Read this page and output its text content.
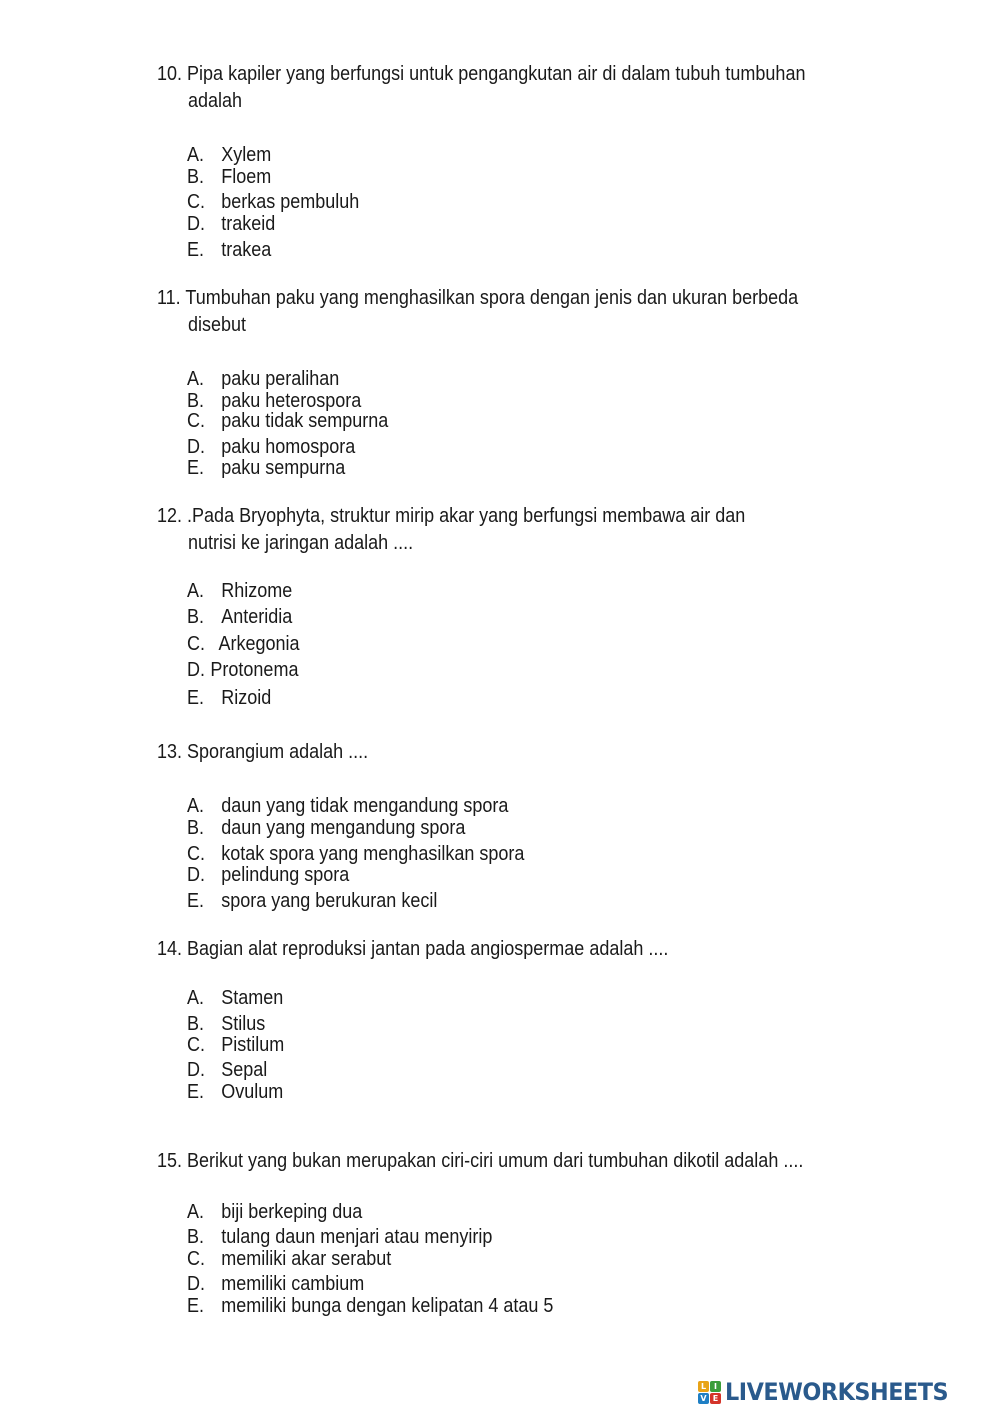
10. Pipa kapiler yang berfungsi untuk pengangkutan air di dalam tubuh tumbuhan
adalah
A. Xylem
B. Floem
C. berkas pembuluh
D. trakeid
E. trakea
11. Tumbuhan paku yang menghasilkan spora dengan jenis dan ukuran berbeda
disebut
A. paku peralihan
B. paku heterospora
C. paku tidak sempurna
D. paku homospora
E. paku sempurna
12. .Pada Bryophyta, struktur mirip akar yang berfungsi membawa air dan
nutrisi ke jaringan adalah ....
A. Rhizome
B. Anteridia
C. Arkegonia
D. Protonema
E. Rizoid
13. Sporangium adalah ....
A. daun yang tidak mengandung spora
B. daun yang mengandung spora
C. kotak spora yang menghasilkan spora
D. pelindung spora
E. spora yang berukuran kecil
14. Bagian alat reproduksi jantan pada angiospermae adalah ....
A. Stamen
B. Stilus
C. Pistilum
D. Sepal
E. Ovulum
15. Berikut yang bukan merupakan ciri-ciri umum dari tumbuhan dikotil adalah ....
A. biji berkeping dua
B. tulang daun menjari atau menyirip
C. memiliki akar serabut
D. memiliki cambium
E. memiliki bunga dengan kelipatan 4 atau 5
L I
V E LIVEWORKSHEETS
